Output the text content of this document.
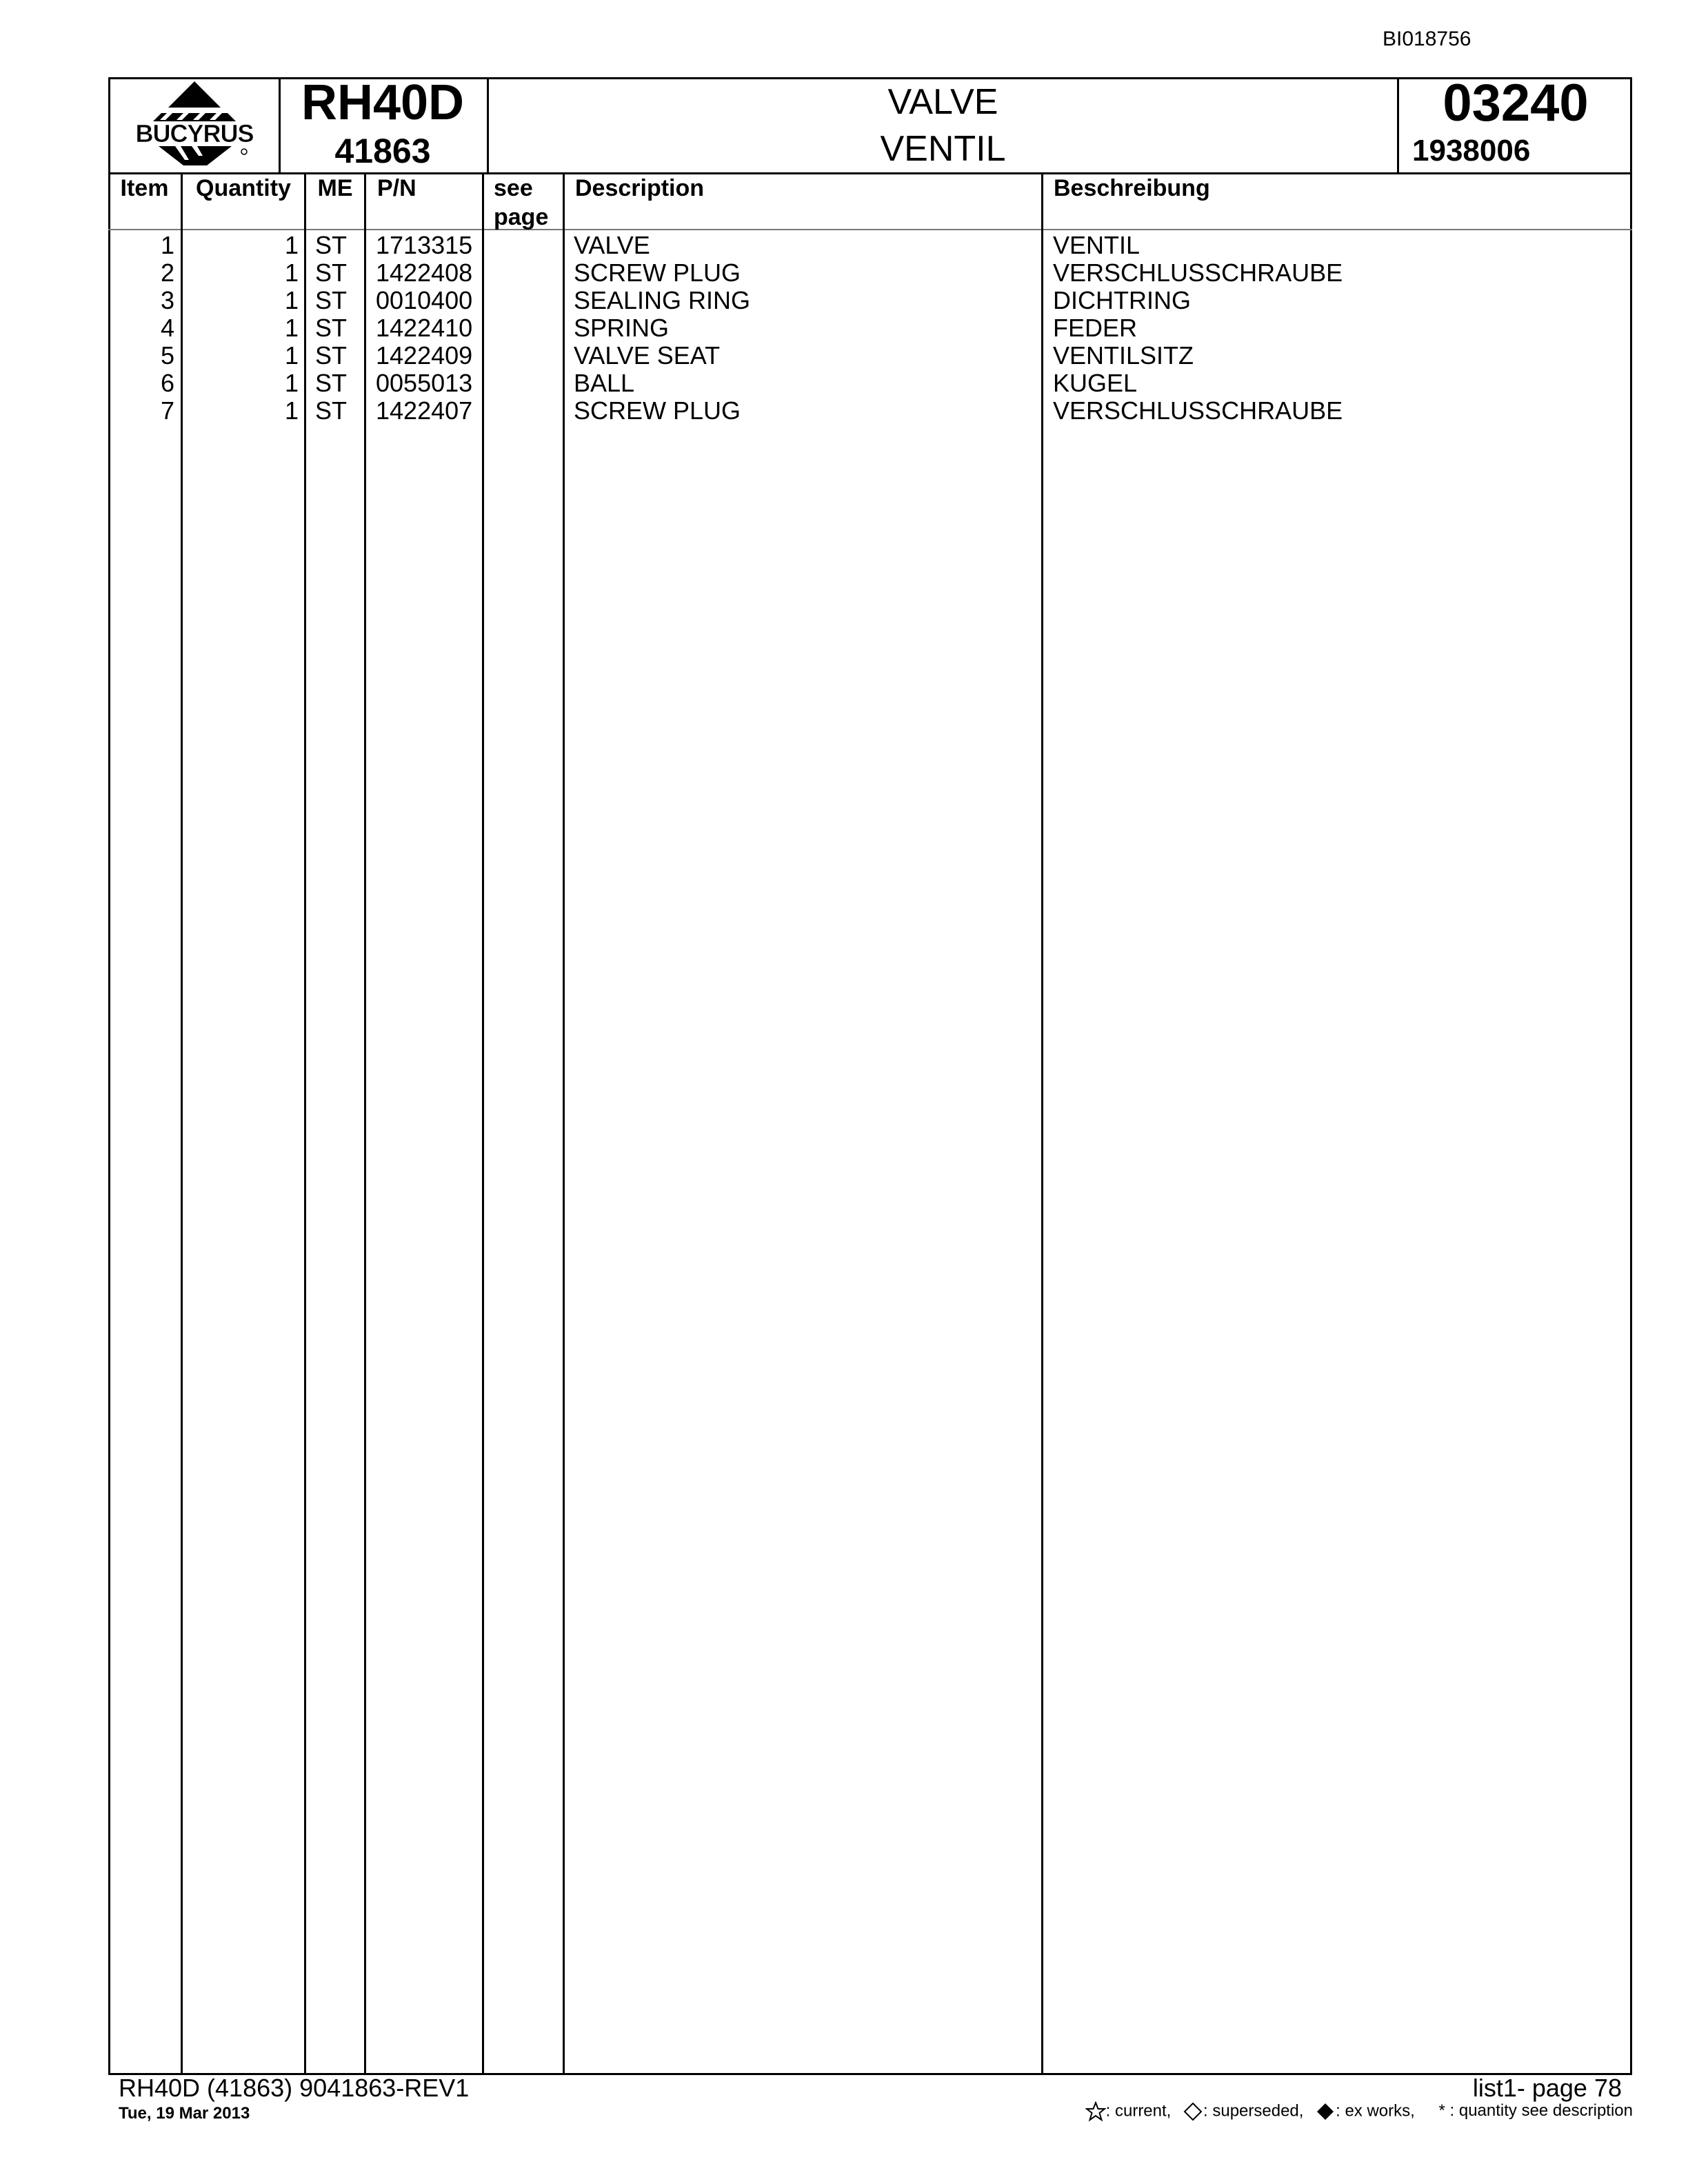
BI018756
BUCYRUS
RH40D
41863
VALVE
VENTIL
03240
1938006
Item	Quantity	ME	P/N	see
page
Description	Beschreibung
1	1 ST	1713315	VALVE	VENTIL
2	1 ST	1422408	SCREW PLUG	VERSCHLUSSCHRAUBE
3	1 ST	0010400	SEALING RING	DICHTRING
4	1 ST	1422410	SPRING	FEDER
5	1 ST	1422409	VALVE SEAT	VENTILSITZ
6	1 ST	0055013	BALL	KUGEL
7	1 ST	1422407	SCREW PLUG	VERSCHLUSSCHRAUBE
RH40D (41863) 9041863-REV1
Tue, 19 Mar 2013
list1- page 78
: current, : superseded, : ex works, * : quantity see description
